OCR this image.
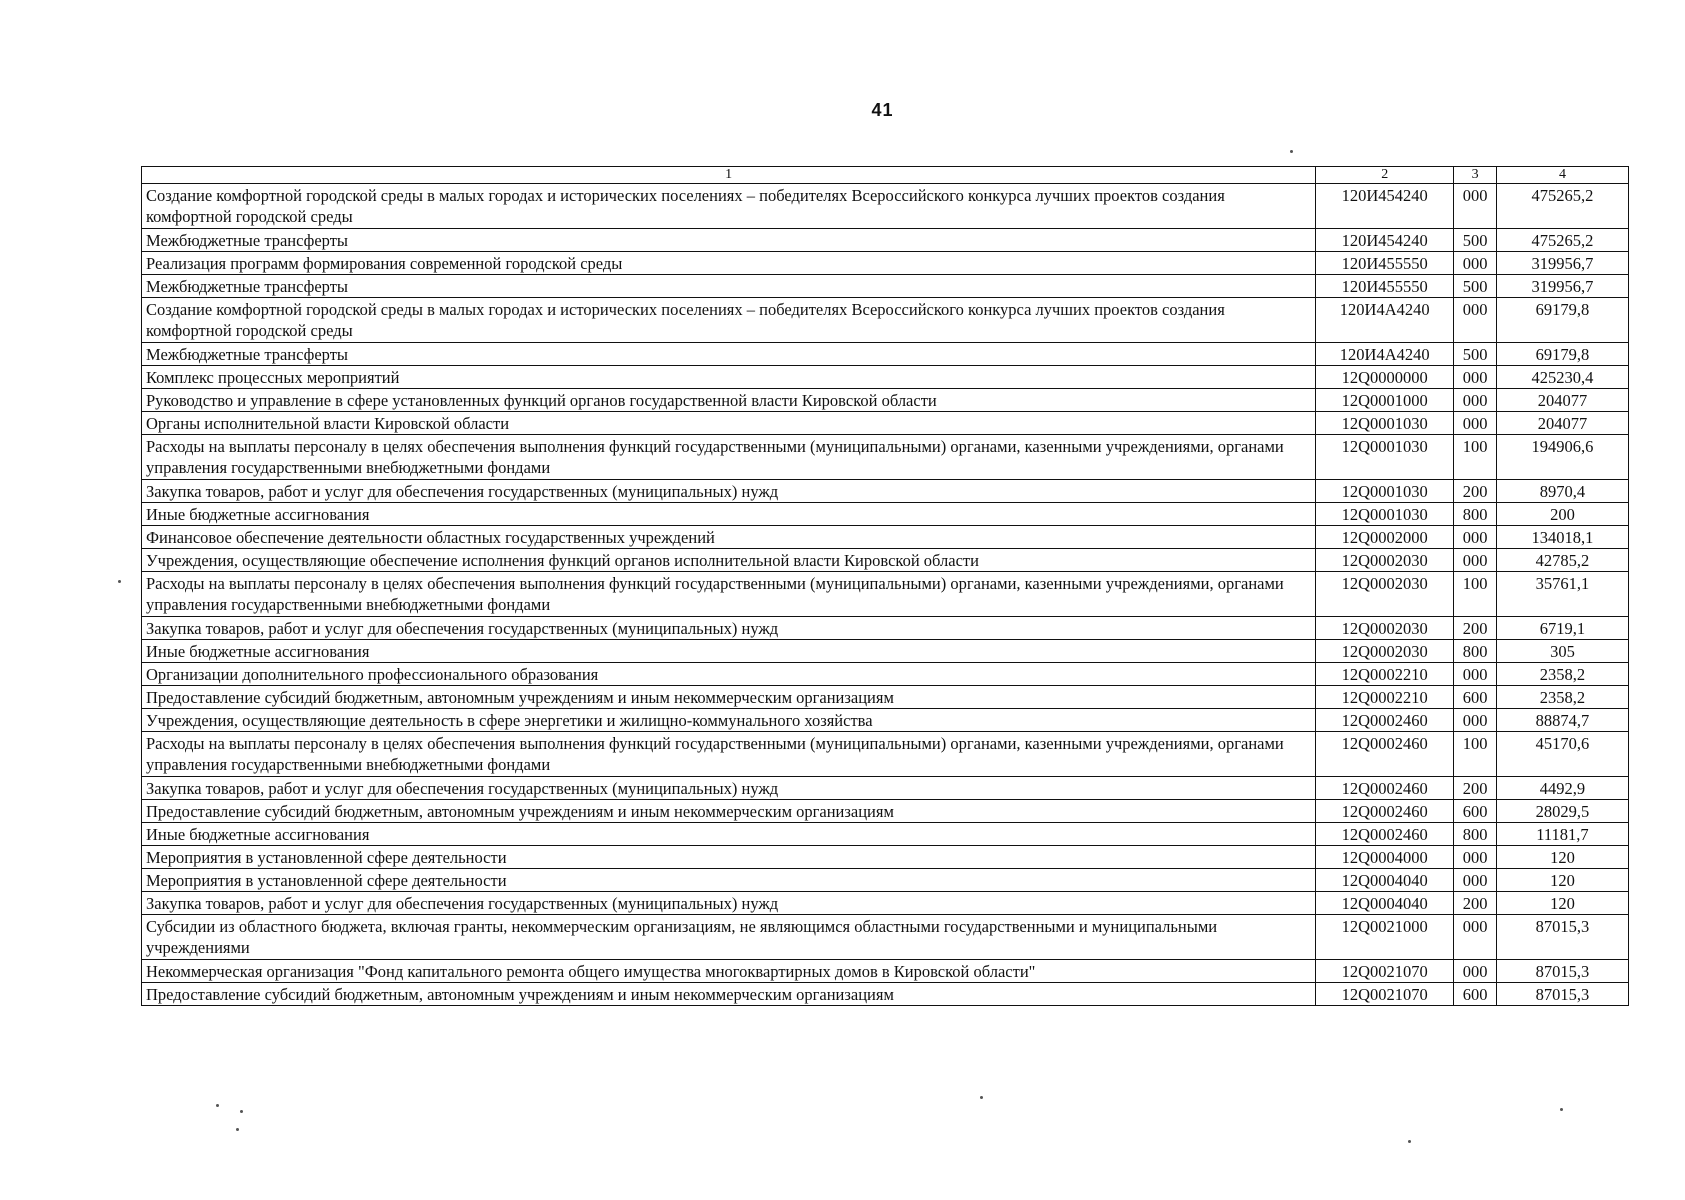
41
1	2	3	4
Создание комфортной городской среды в малых городах и исторических поселениях – победителях Всероссийского конкурса лучших проектов создания комфортной городской среды	120И454240	000	475265,2
Межбюджетные трансферты	120И454240	500	475265,2
Реализация программ формирования современной городской среды	120И455550	000	319956,7
Межбюджетные трансферты	120И455550	500	319956,7
Создание комфортной городской среды в малых городах и исторических поселениях – победителях Всероссийского конкурса лучших проектов создания комфортной городской среды	120И4А4240	000	69179,8
Межбюджетные трансферты	120И4А4240	500	69179,8
Комплекс процессных мероприятий	12Q0000000	000	425230,4
Руководство и управление в сфере установленных функций органов государственной власти Кировской области	12Q0001000	000	204077
Органы исполнительной власти Кировской области	12Q0001030	000	204077
Расходы на выплаты персоналу в целях обеспечения выполнения функций государственными (муниципальными) органами, казенными учреждениями, органами управления государственными внебюджетными фондами	12Q0001030	100	194906,6
Закупка товаров, работ и услуг для обеспечения государственных (муниципальных) нужд	12Q0001030	200	8970,4
Иные бюджетные ассигнования	12Q0001030	800	200
Финансовое обеспечение деятельности областных государственных учреждений	12Q0002000	000	134018,1
Учреждения, осуществляющие обеспечение исполнения функций органов исполнительной власти Кировской области	12Q0002030	000	42785,2
Расходы на выплаты персоналу в целях обеспечения выполнения функций государственными (муниципальными) органами, казенными учреждениями, органами управления государственными внебюджетными фондами	12Q0002030	100	35761,1
Закупка товаров, работ и услуг для обеспечения государственных (муниципальных) нужд	12Q0002030	200	6719,1
Иные бюджетные ассигнования	12Q0002030	800	305
Организации дополнительного профессионального образования	12Q0002210	000	2358,2
Предоставление субсидий бюджетным, автономным учреждениям и иным некоммерческим организациям	12Q0002210	600	2358,2
Учреждения, осуществляющие деятельность в сфере энергетики и жилищно-коммунального хозяйства	12Q0002460	000	88874,7
Расходы на выплаты персоналу в целях обеспечения выполнения функций государственными (муниципальными) органами, казенными учреждениями, органами управления государственными внебюджетными фондами	12Q0002460	100	45170,6
Закупка товаров, работ и услуг для обеспечения государственных (муниципальных) нужд	12Q0002460	200	4492,9
Предоставление субсидий бюджетным, автономным учреждениям и иным некоммерческим организациям	12Q0002460	600	28029,5
Иные бюджетные ассигнования	12Q0002460	800	11181,7
Мероприятия в установленной сфере деятельности	12Q0004000	000	120
Мероприятия в установленной сфере деятельности	12Q0004040	000	120
Закупка товаров, работ и услуг для обеспечения государственных (муниципальных) нужд	12Q0004040	200	120
Субсидии из областного бюджета, включая гранты, некоммерческим организациям, не являющимся областными государственными и муниципальными учреждениями	12Q0021000	000	87015,3
Некоммерческая организация "Фонд капитального ремонта общего имущества многоквартирных домов в Кировской области"	12Q0021070	000	87015,3
Предоставление субсидий бюджетным, автономным учреждениям и иным некоммерческим организациям	12Q0021070	600	87015,3
